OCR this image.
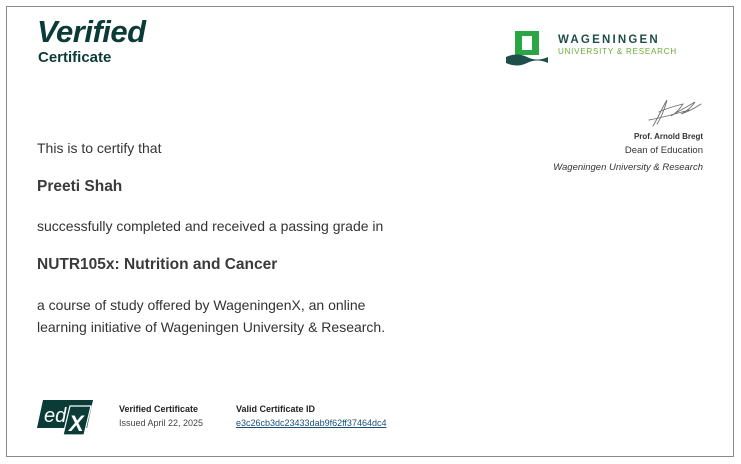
Verified
Certificate
WAGENINGEN
UNIVERSITY & RESEARCH
Prof. Arnold Bregt
Dean of Education
Wageningen University & Research
This is to certify that
Preeti Shah
successfully completed and received a passing grade in
NUTR105x: Nutrition and Cancer
a course of study offered by WageningenX, an online
learning initiative of Wageningen University & Research.
ed X
Verified Certificate
Issued April 22, 2025
Valid Certificate ID
e3c26cb3dc23433dab9f62ff37464dc4
